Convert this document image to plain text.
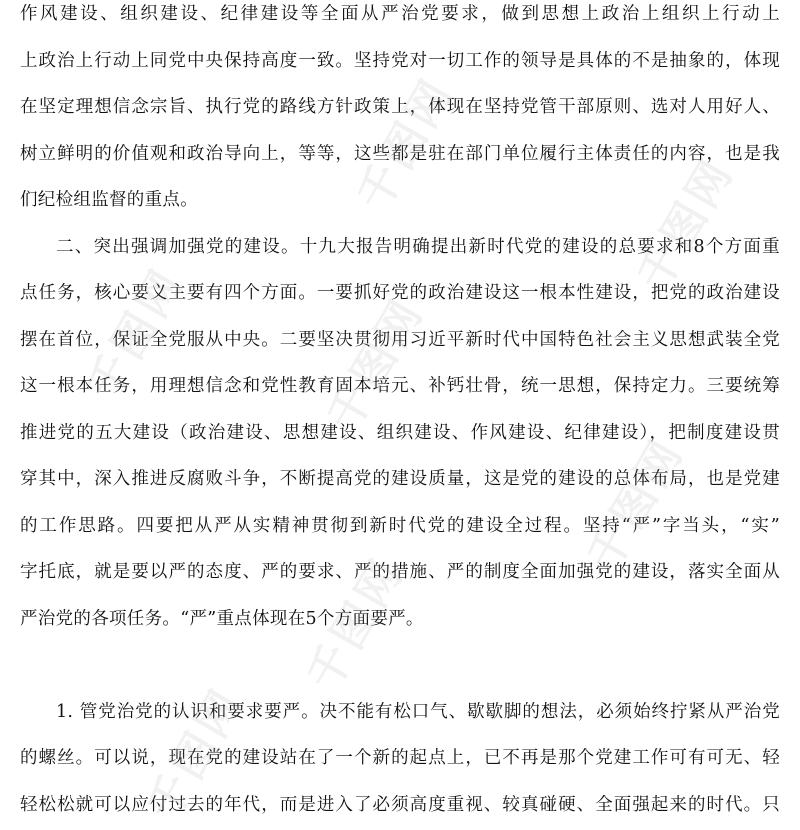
作风建设、组织建设、纪律建设等全面从严治党要求，做到思想上政治上组织上行动上
上政治上行动上同党中央保持高度一致。坚持党对一切工作的领导是具体的不是抽象的，体现
在坚定理想信念宗旨、执行党的路线方针政策上，体现在坚持党管干部原则、选对人用好人、
树立鲜明的价值观和政治导向上，等等，这些都是驻在部门单位履行主体责任的内容，也是我
们纪检组监督的重点。
二、突出强调加强党的建设。十九大报告明确提出新时代党的建设的总要求和8个方面重
点任务，核心要义主要有四个方面。一要抓好党的政治建设这一根本性建设，把党的政治建设
摆在首位，保证全党服从中央。二要坚决贯彻用习近平新时代中国特色社会主义思想武装全党
这一根本任务，用理想信念和党性教育固本培元、补钙壮骨，统一思想，保持定力。三要统筹
推进党的五大建设（政治建设、思想建设、组织建设、作风建设、纪律建设），把制度建设贯
穿其中，深入推进反腐败斗争，不断提高党的建设质量，这是党的建设的总体布局，也是党建
的工作思路。四要把从严从实精神贯彻到新时代党的建设全过程。坚持“严”字当头，“实”
字托底，就是要以严的态度、严的要求、严的措施、严的制度全面加强党的建设，落实全面从
严治党的各项任务。“严”重点体现在5个方面要严。
1. 管党治党的认识和要求要严。决不能有松口气、歇歇脚的想法，必须始终拧紧从严治党
的螺丝。可以说，现在党的建设站在了一个新的起点上，已不再是那个党建工作可有可无、轻
轻松松就可以应付过去的年代，而是进入了必须高度重视、较真碰硬、全面强起来的时代。只
千图网
千图网
千图网	千图网
千图网
千图网
千图网
